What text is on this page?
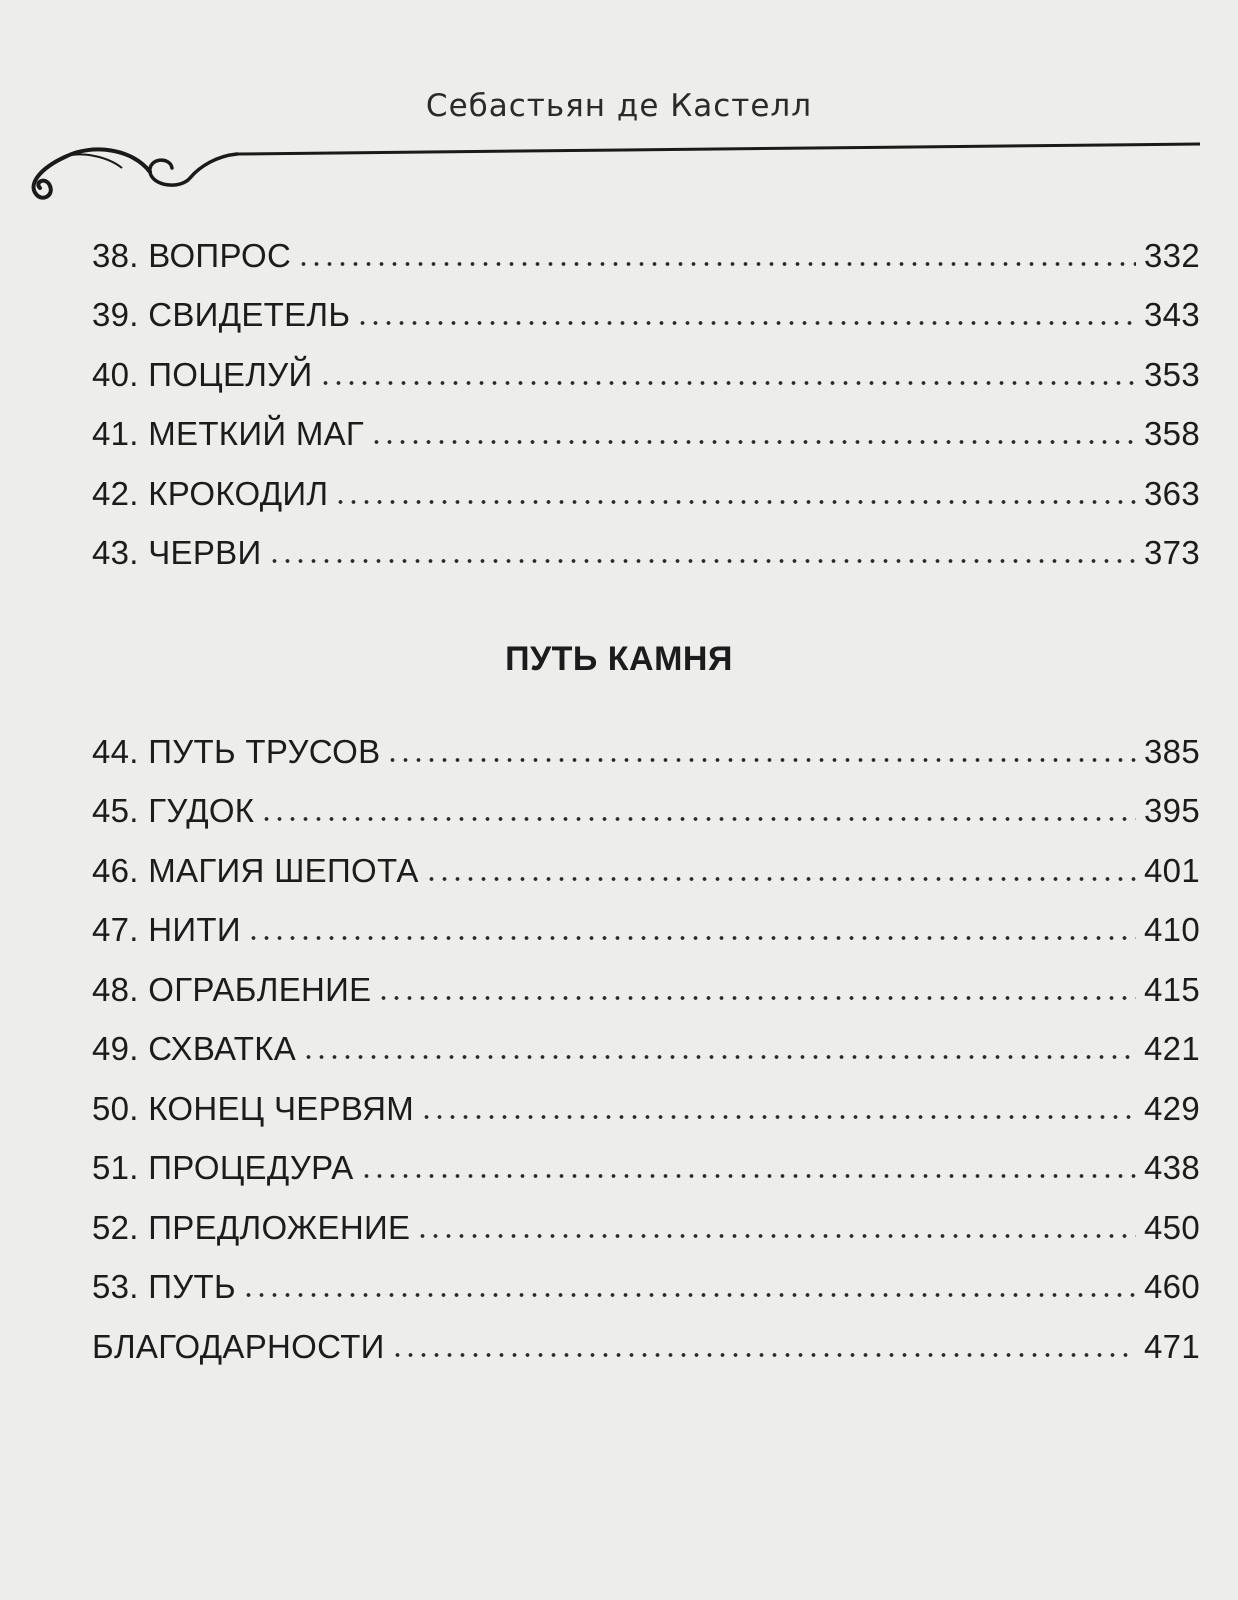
Себастьян де Кастелл
38. ВОПРОС	332
39. СВИДЕТЕЛЬ	343
40. ПОЦЕЛУЙ	353
41. МЕТКИЙ МАГ	358
42. КРОКОДИЛ	363
43. ЧЕРВИ	373
ПУТЬ КАМНЯ
44. ПУТЬ ТРУСОВ	385
45. ГУДОК	395
46. МАГИЯ ШЕПОТА	401
47. НИТИ	410
48. ОГРАБЛЕНИЕ	415
49. СХВАТКА	421
50. КОНЕЦ ЧЕРВЯМ	429
51. ПРОЦЕДУРА	438
52. ПРЕДЛОЖЕНИЕ	450
53. ПУТЬ	460
БЛАГОДАРНОСТИ	471
